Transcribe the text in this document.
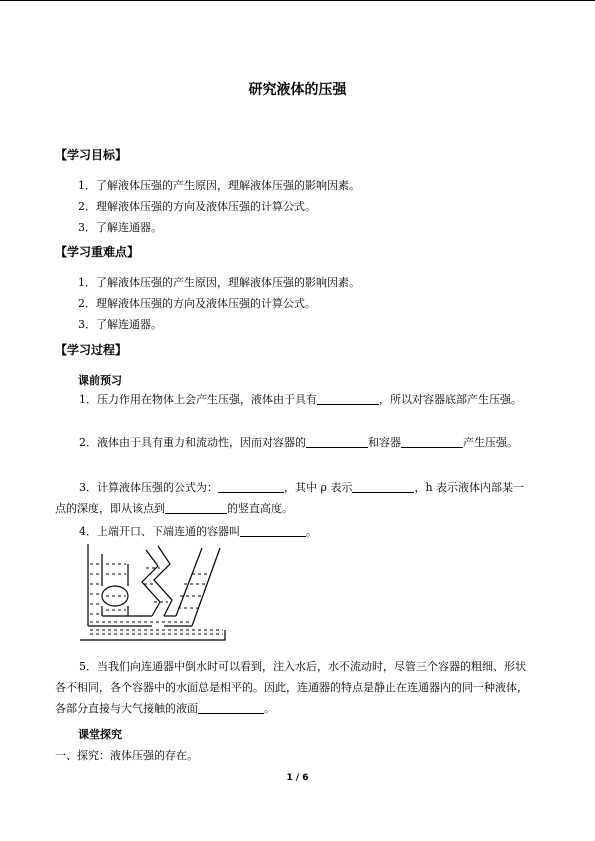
研究液体的压强
【学习目标】
1．了解液体压强的产生原因，理解液体压强的影响因素。
2．理解液体压强的方向及液体压强的计算公式。
3．了解连通器。
【学习重难点】
1．了解液体压强的产生原因，理解液体压强的影响因素。
2．理解液体压强的方向及液体压强的计算公式。
3．了解连通器。
【学习过程】
课前预习
1．压力作用在物体上会产生压强，液体由于具有	，所以对容器底部产生压强。
2．液体由于具有重力和流动性，因而对容器的	和容器	产生压强。
3．计算液体压强的公式为：	，其中 ρ 表示	，h 表示液体内部某一点的深度，即从该点到	的竖直高度。
4．上端开口、下端连通的容器叫	。
5．当我们向连通器中倒水时可以看到，注入水后，水不流动时，尽管三个容器的粗细、形状各不相同，各个容器中的水面总是相平的。因此，连通器的特点是静止在连通器内的同一种液体，各部分直接与大气接触的液面	。
课堂探究
一、探究：液体压强的存在。
1 / 6
